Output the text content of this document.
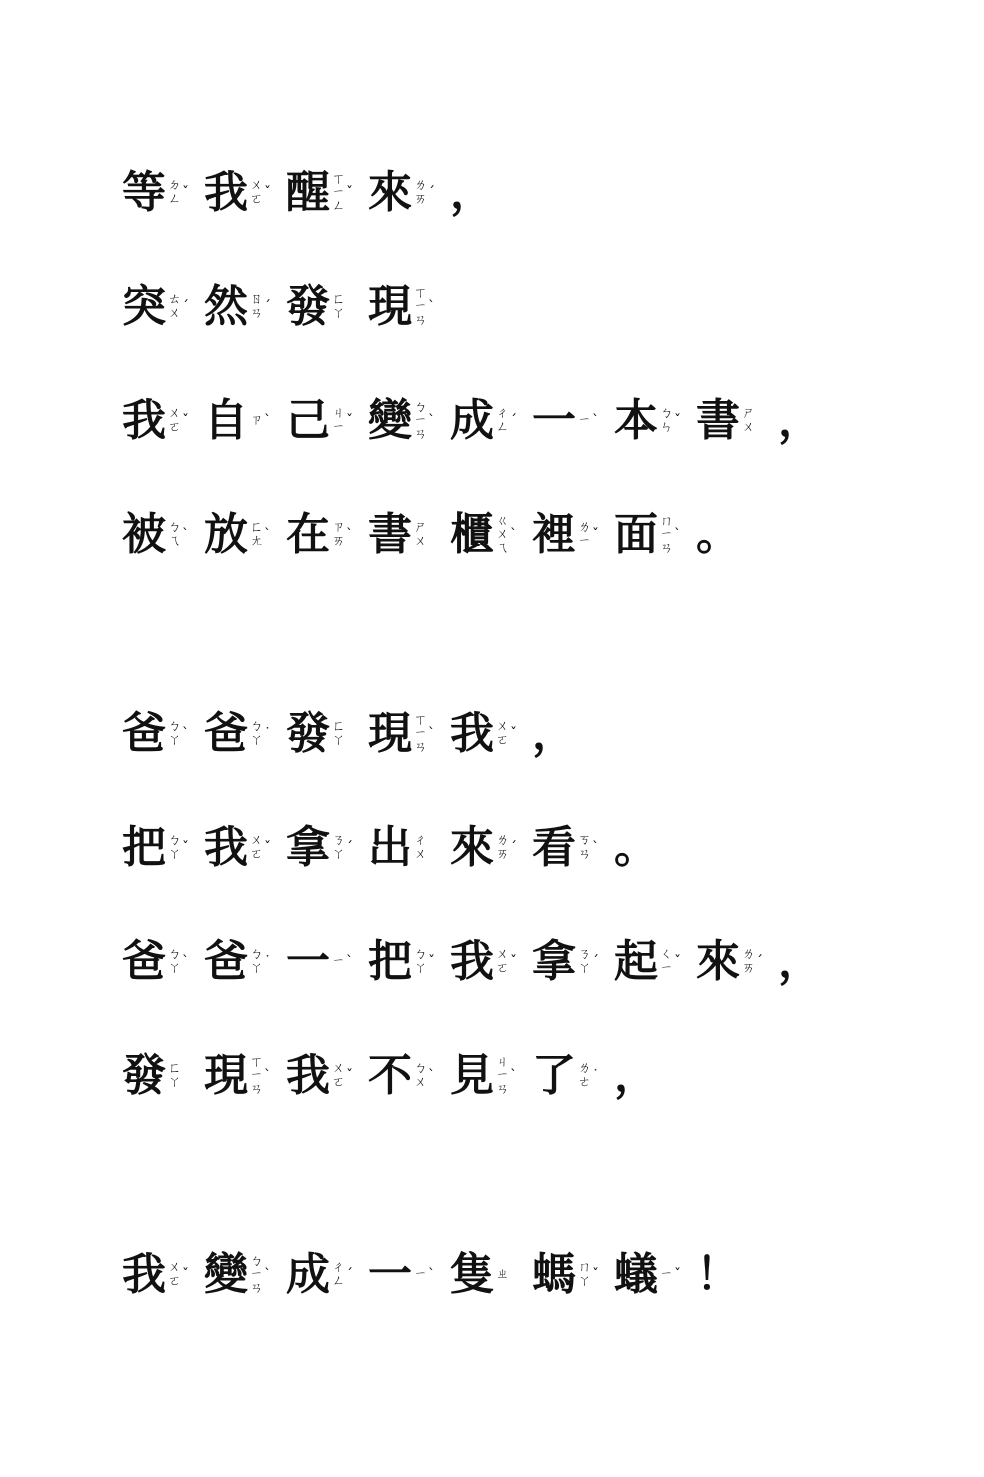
等 ㄉ
ㄥ ˇ 我 ㄨ
ㄛ ˇ 醒 ㄒ
ㄧ
ㄥ
ˇ 來 ㄌ
ㄞ ˊ ，
突 ㄊ
ㄨ ˊ 然 ㄖ
ㄢ ˊ 發 ㄈ
ㄚ 現 ㄒ
ㄧ
ㄢ
ˋ
我 ㄨ
ㄛ ˇ 自 ㄗ ˋ 己 ㄐ
ㄧ ˇ 變 ㄅ
ㄧ
ㄢ
ˋ 成 ㄔ
ㄥ ˊ 一 ㄧ ˋ 本 ㄅ
ㄣ ˇ 書 ㄕ
ㄨ ，
被 ㄅ
ㄟ ˋ 放 ㄈ
ㄤ ˋ 在 ㄗ
ㄞ ˋ 書 ㄕ
ㄨ 櫃 ㄍ
ㄨ
ㄟ
ˋ 裡 ㄌ
ㄧ ˇ 面 ㄇ
ㄧ
ㄢ
ˋ 。
爸 ㄅ
ㄚ ˋ 爸 ㄅ
ㄚ ˙ 發 ㄈ
ㄚ 現 ㄒ
ㄧ
ㄢ
ˋ 我 ㄨ
ㄛ ˇ ，
把 ㄅ
ㄚ ˇ 我 ㄨ
ㄛ ˇ 拿 ㄋ
ㄚ ˊ 出 ㄔ
ㄨ 來 ㄌ
ㄞ ˊ 看 ㄎ
ㄢ ˋ 。
爸 ㄅ
ㄚ ˋ 爸 ㄅ
ㄚ ˙ 一 ㄧ ˋ 把 ㄅ
ㄚ ˇ 我 ㄨ
ㄛ ˇ 拿 ㄋ
ㄚ ˊ 起 ㄑ
ㄧ ˇ 來 ㄌ
ㄞ ˊ ，
發 ㄈ
ㄚ 現 ㄒ
ㄧ
ㄢ
ˋ 我 ㄨ
ㄛ ˇ 不 ㄅ
ㄨ ˋ 見 ㄐ
ㄧ
ㄢ
ˋ 了 ㄌ
ㄜ ˙ ，
我 ㄨ
ㄛ ˇ 變 ㄅ
ㄧ
ㄢ
ˋ 成 ㄔ
ㄥ ˊ 一 ㄧ ˋ 隻 ㄓ 螞 ㄇ
ㄚ ˇ 蟻 ㄧ ˇ ！
